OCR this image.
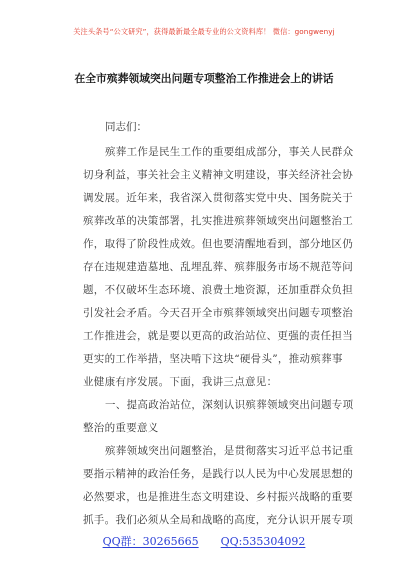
关注头条号“公文研究”，获得最新最全最专业的公文资料库！ 微信：gongwenyj
在全市殡葬领域突出问题专项整治工作推进会上的讲话
同志们：
殡葬工作是民生工作的重要组成部分，事关人民群众
切身利益，事关社会主义精神文明建设，事关经济社会协
调发展。近年来，我省深入贯彻落实党中央、国务院关于
殡葬改革的决策部署，扎实推进殡葬领域突出问题整治工
作，取得了阶段性成效。但也要清醒地看到，部分地区仍
存在违规建造墓地、乱埋乱葬、殡葬服务市场不规范等问
题，不仅破坏生态环境、浪费土地资源，还加重群众负担
引发社会矛盾。今天召开全市殡葬领域突出问题专项整治
工作推进会，就是要以更高的政治站位、更强的责任担当
更实的工作举措，坚决啃下这块“硬骨头”，推动殡葬事
业健康有序发展。下面，我讲三点意见：
一、提高政治站位，深刻认识殡葬领域突出问题专项
整治的重要意义
殡葬领域突出问题整治，是贯彻落实习近平总书记重
要指示精神的政治任务，是践行以人民为中心发展思想的
必然要求，也是推进生态文明建设、乡村振兴战略的重要
抓手。我们必须从全局和战略的高度，充分认识开展专项
QQ群：30265665 QQ:535304092
